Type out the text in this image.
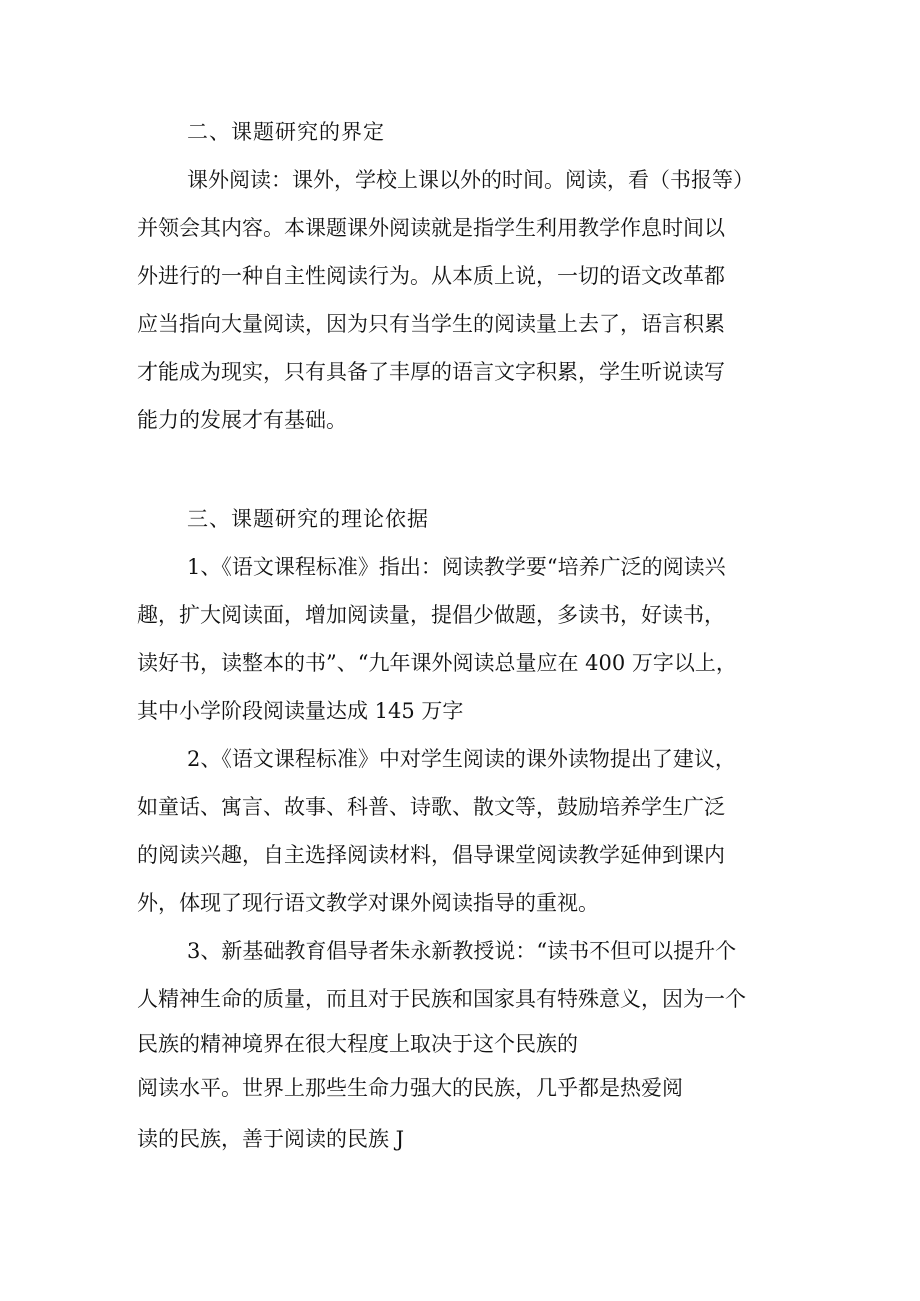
二、课题研究的界定
课外阅读：课外，学校上课以外的时间。阅读，看（书报等）
并领会其内容。本课题课外阅读就是指学生利用教学作息时间以
外进行的一种自主性阅读行为。从本质上说，一切的语文改革都
应当指向大量阅读，因为只有当学生的阅读量上去了，语言积累
才能成为现实，只有具备了丰厚的语言文字积累，学生听说读写
能力的发展才有基础。
三、课题研究的理论依据
1、《语文课程标准》指出：阅读教学要“培养广泛的阅读兴
趣，扩大阅读面，增加阅读量，提倡少做题，多读书，好读书，
读好书，读整本的书”、“九年课外阅读总量应在 400 万字以上，
其中小学阶段阅读量达成 145 万字
2、《语文课程标准》中对学生阅读的课外读物提出了建议，
如童话、寓言、故事、科普、诗歌、散文等，鼓励培养学生广泛
的阅读兴趣，自主选择阅读材料，倡导课堂阅读教学延伸到课内
外，体现了现行语文教学对课外阅读指导的重视。
3、新基础教育倡导者朱永新教授说：“读书不但可以提升个
人精神生命的质量，而且对于民族和国家具有特殊意义，因为一个
民族的精神境界在很大程度上取决于这个民族的
阅读水平。世界上那些生命力强大的民族，几乎都是热爱阅
读的民族，善于阅读的民族 J
